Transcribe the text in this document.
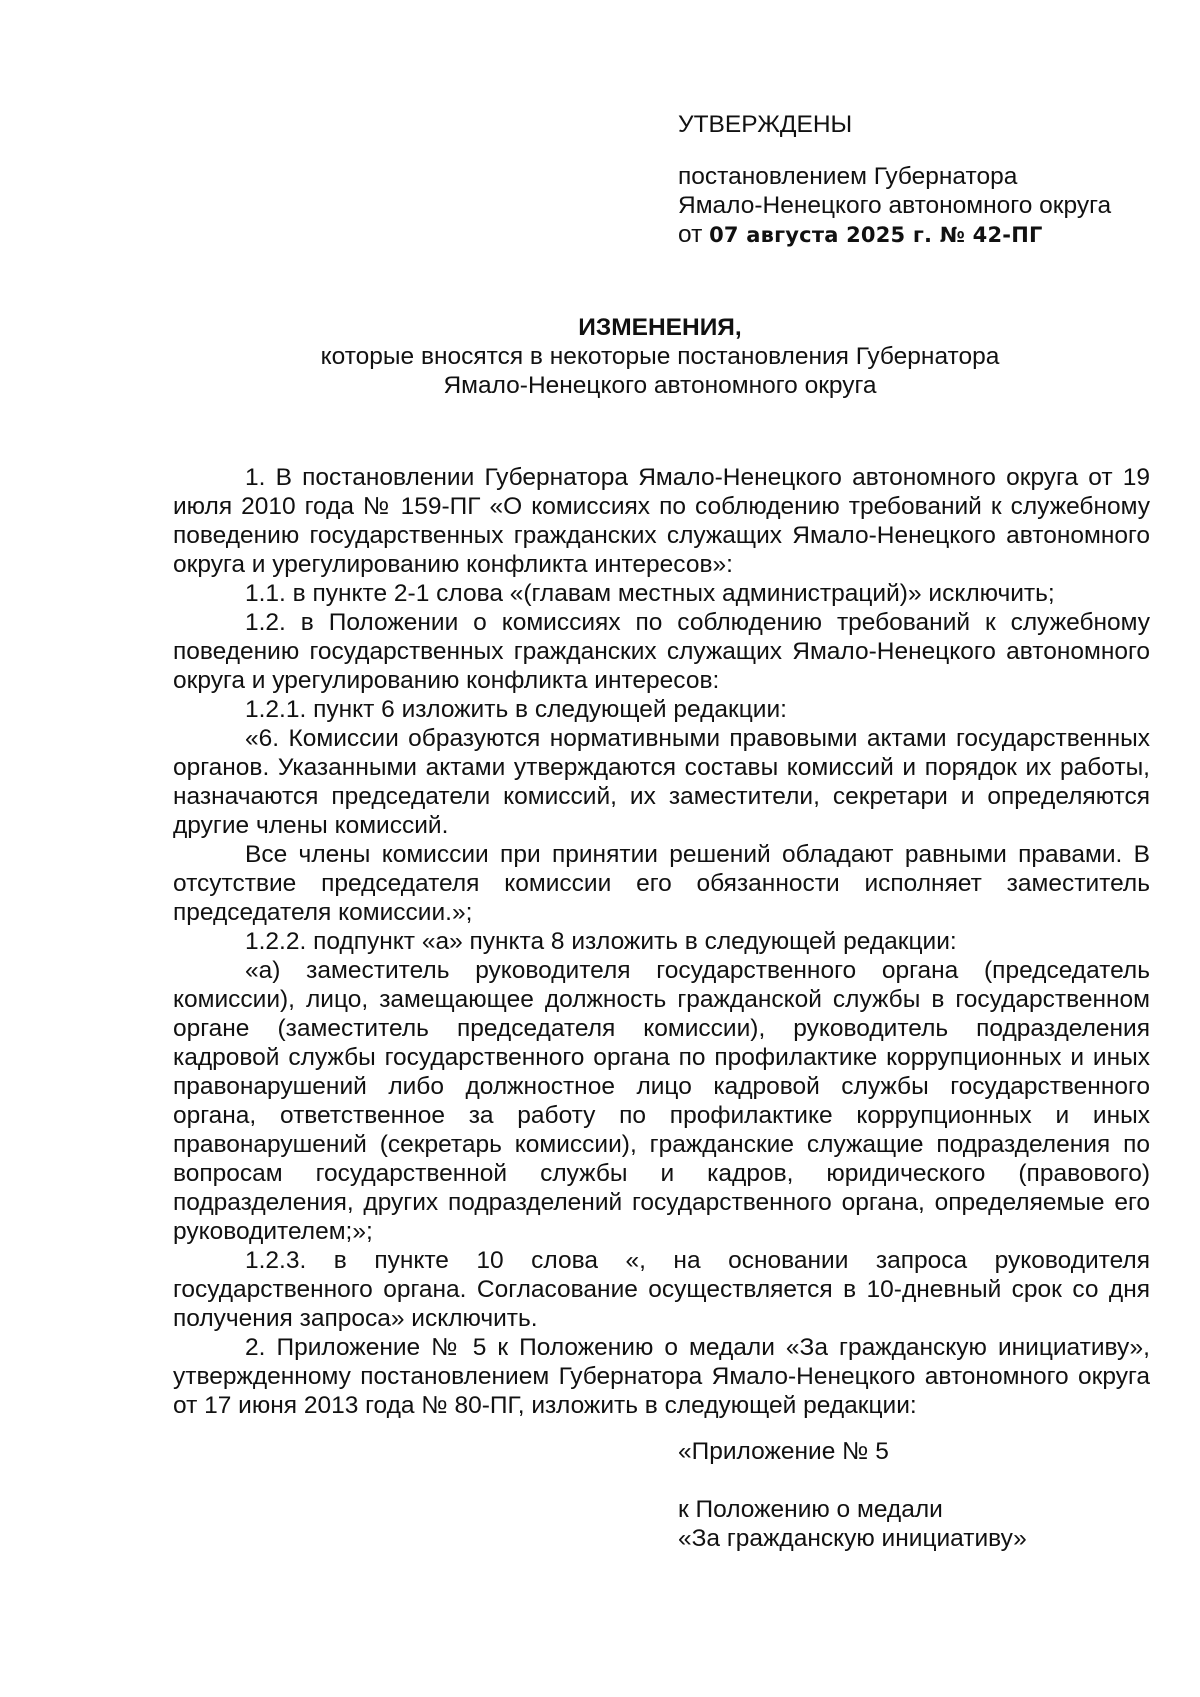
УТВЕРЖДЕНЫ
постановлением Губернатора
Ямало-Ненецкого автономного округа
от 07 августа 2025 г. № 42-ПГ
ИЗМЕНЕНИЯ,
которые вносятся в некоторые постановления Губернатора
Ямало-Ненецкого автономного округа

1. В постановлении Губернатора Ямало-Ненецкого автономного округа от 19 июля 2010 года № 159-ПГ «О комиссиях по соблюдению требований к служебному поведению государственных гражданских служащих Ямало-Ненецкого автономного округа и урегулированию конфликта интересов»:

1.1. в пункте 2-1 слова «(главам местных администраций)» исключить;

1.2. в Положении о комиссиях по соблюдению требований к служебному поведению государственных гражданских служащих Ямало-Ненецкого автономного округа и урегулированию конфликта интересов:

1.2.1. пункт 6 изложить в следующей редакции:

«6. Комиссии образуются нормативными правовыми актами государственных органов. Указанными актами утверждаются составы комиссий и порядок их работы, назначаются председатели комиссий, их заместители, секретари и определяются другие члены комиссий.

Все члены комиссии при принятии решений обладают равными правами. В отсутствие председателя комиссии его обязанности исполняет заместитель председателя комиссии.»;

1.2.2. подпункт «а» пункта 8 изложить в следующей редакции:

«а) заместитель руководителя государственного органа (председатель комиссии), лицо, замещающее должность гражданской службы в государственном органе (заместитель председателя комиссии), руководитель подразделения кадровой службы государственного органа по профилактике коррупционных и иных правонарушений либо должностное лицо кадровой службы государственного органа, ответственное за работу по профилактике коррупционных и иных правонарушений (секретарь комиссии), гражданские служащие подразделения по вопросам государственной службы и кадров, юридического (правового) подразделения, других подразделений государственного органа, определяемые его руководителем;»;

1.2.3. в пункте 10 слова «, на основании запроса руководителя государственного органа. Согласование осуществляется в 10-дневный срок со дня получения запроса» исключить.

2. Приложение № 5 к Положению о медали «За гражданскую инициативу», утвержденному постановлением Губернатора Ямало-Ненецкого автономного округа от 17 июня 2013 года № 80-ПГ, изложить в следующей редакции:

«Приложение № 5
к Положению о медали
«За гражданскую инициативу»
